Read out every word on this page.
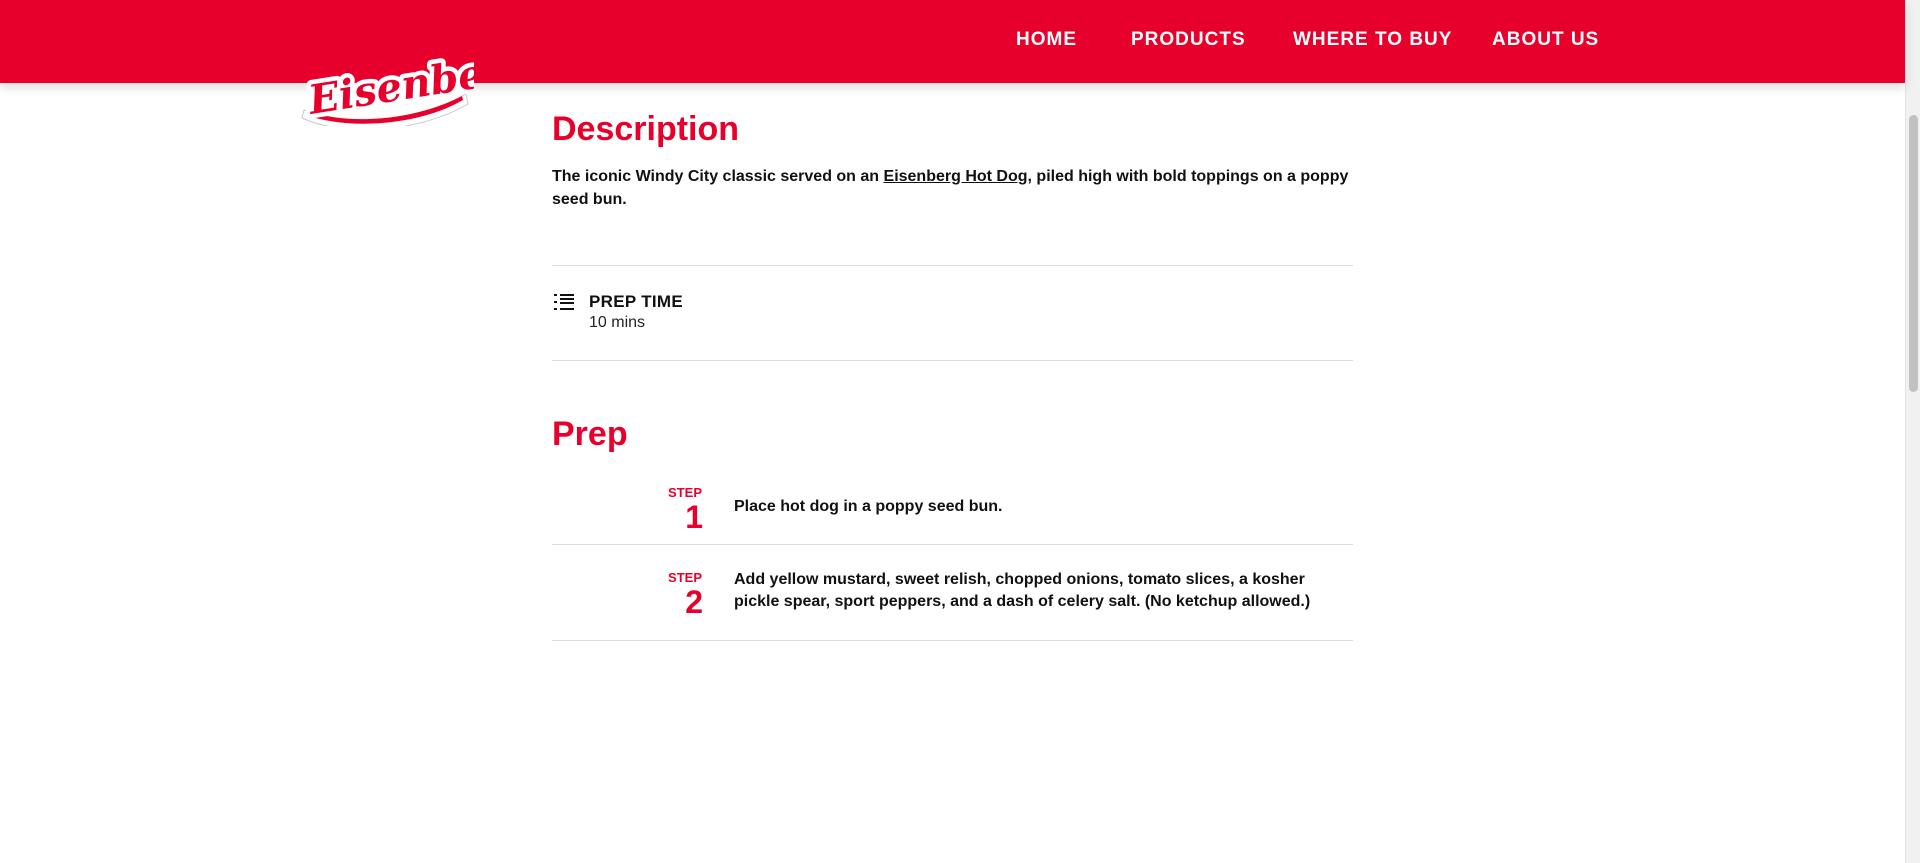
HOME	PRODUCTS WHERE TO BUY ABOUT US
Eisenberg
Eisenberg
Description

The iconic Windy City classic served on an Eisenberg Hot Dog, piled high with bold toppings on a poppy seed bun.

PREP TIME
10 mins
Prep
STEP
1 Place hot dog in a poppy seed bun.
STEP
2
Add yellow mustard, sweet relish, chopped onions, tomato slices, a kosher pickle spear, sport peppers, and a dash of celery salt. (No ketchup allowed.)
